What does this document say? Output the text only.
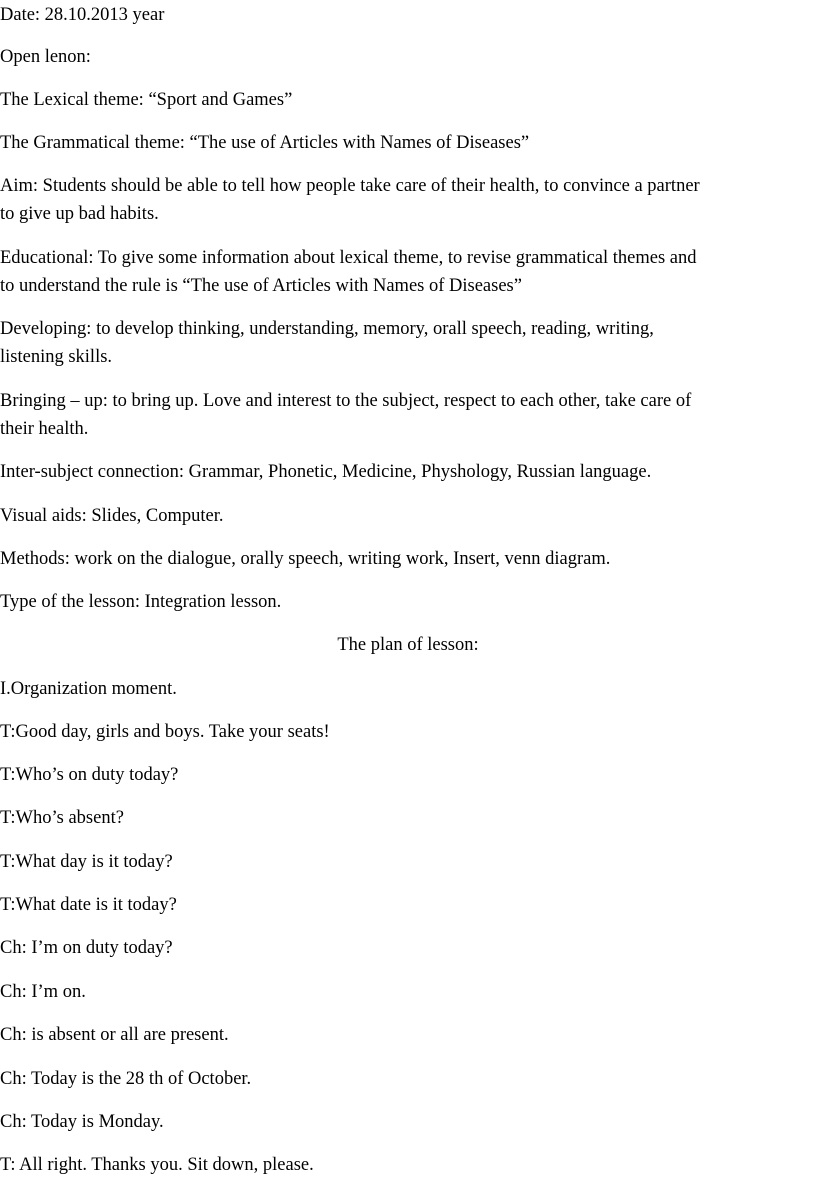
Date: 28.10.2013 year
Open lenon:
The Lexical theme: “Sport and Games”
The Grammatical theme: “The use of Articles with Names of Diseases”
Aim: Students should be able to tell how people take care of their health, to convince a partner
to give up bad habits.
Educational: To give some information about lexical theme, to revise grammatical themes and
to understand the rule is “The use of Articles with Names of Diseases”
Developing: to develop thinking, understanding, memory, orall speech, reading, writing,
listening skills.
Bringing – up: to bring up. Love and interest to the subject, respect to each other, take care of
their health.
Inter-subject connection: Grammar, Phonetic, Medicine, Physhology, Russian language.
Visual aids: Slides, Computer.
Methods: work on the dialogue, orally speech, writing work, Insert, venn diagram.
Type of the lesson: Integration lesson.
The plan of lesson:
I.Organization moment.
T:Good day, girls and boys. Take your seats!
T:Who’s on duty today?
T:Who’s absent?
T:What day is it today?
T:What date is it today?
Ch: I’m on duty today?
Ch: I’m on.
Ch: is absent or all are present.
Ch: Today is the 28 th of October.
Ch: Today is Monday.
T: All right. Thanks you. Sit down, please.
